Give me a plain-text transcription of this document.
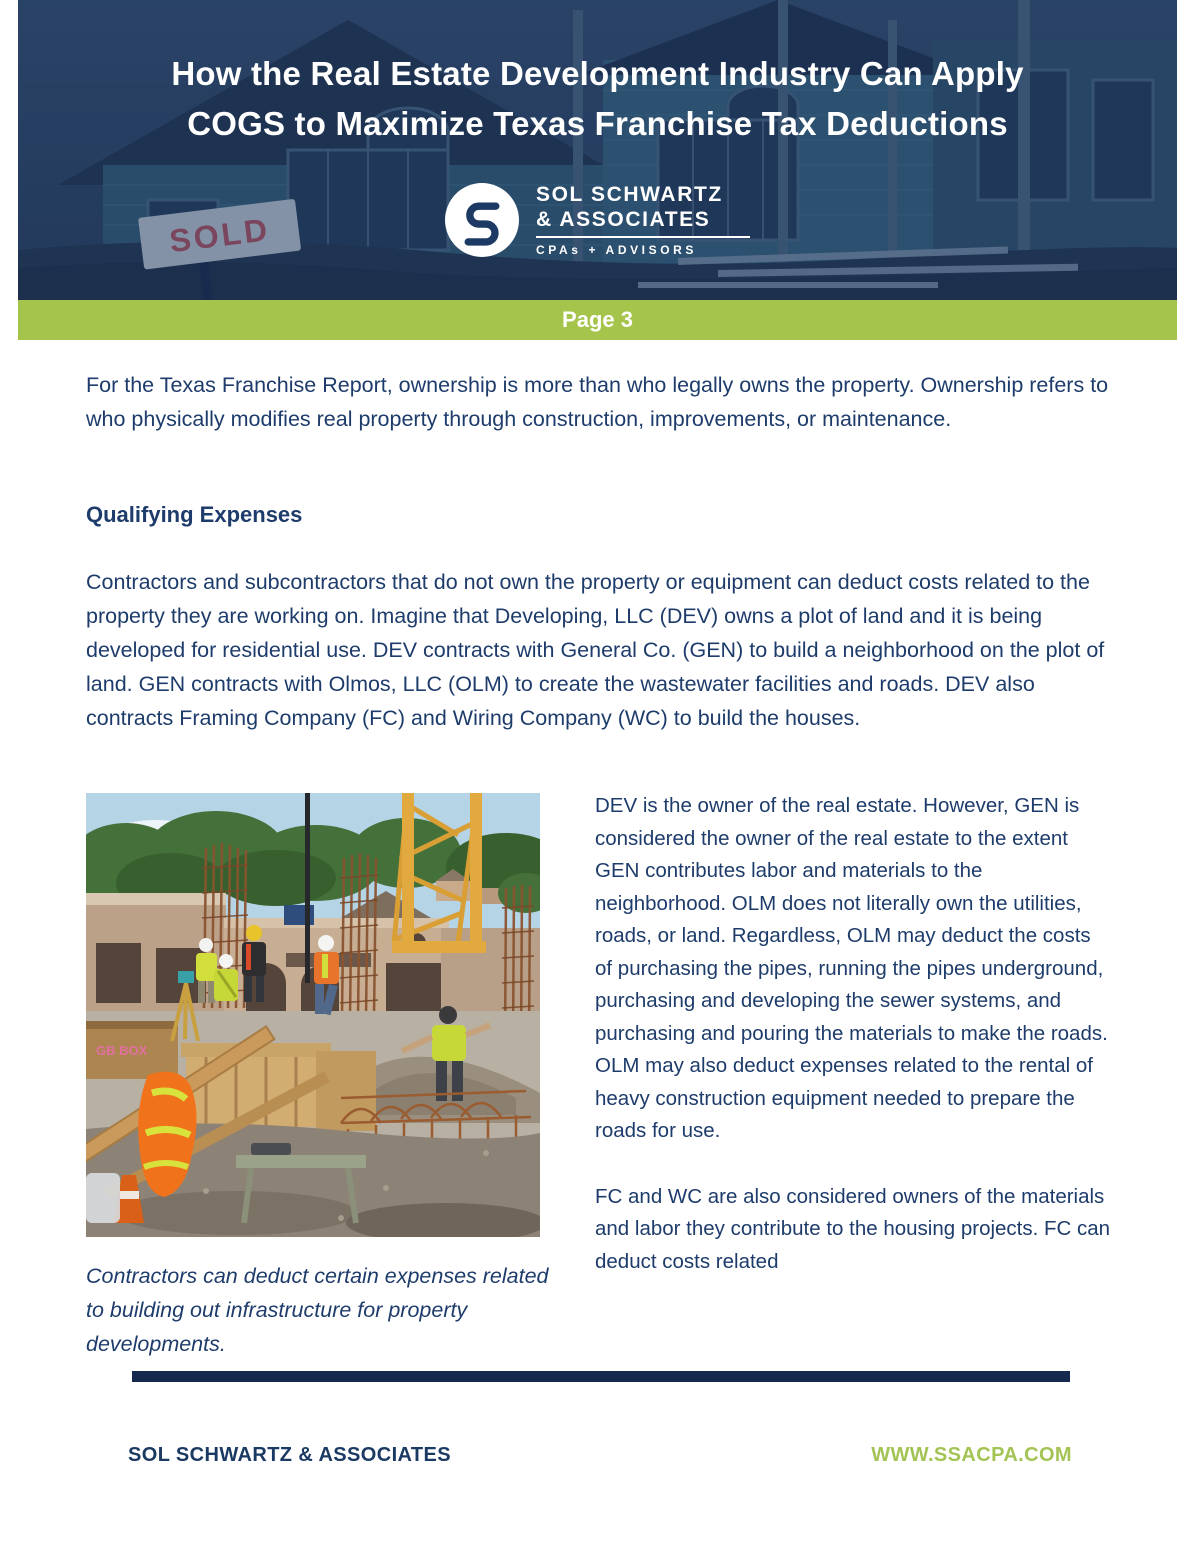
SOLD
How the Real Estate Development Industry Can Apply
COGS to Maximize Texas Franchise Tax Deductions
SOL SCHWARTZ
& ASSOCIATES
CPAs + ADVISORS
Page 3

For the Texas Franchise Report, ownership is more than who legally owns the property. Ownership refers to who physically modifies real property through construction, improvements, or maintenance.

Qualifying Expenses

Contractors and subcontractors that do not own the property or equipment can deduct costs related to the property they are working on. Imagine that Developing, LLC (DEV) owns a plot of land and it is being developed for residential use. DEV contracts with General Co. (GEN) to build a neighborhood on the plot of land. GEN contracts with Olmos, LLC (OLM) to create the wastewater facilities and roads. DEV also contracts Framing Company (FC) and Wiring Company (WC) to build the houses.

GB BOX

DEV is the owner of the real estate. However, GEN is considered the owner of the real estate to the extent GEN contributes labor and materials to the neighborhood. OLM does not literally own the utilities, roads, or land. Regardless, OLM may deduct the costs of purchasing the pipes, running the pipes underground, purchasing and developing the sewer systems, and purchasing and pouring the materials to make the roads. OLM may also deduct expenses related to the rental of heavy construction equipment needed to prepare the roads for use.

FC and WC are also considered owners of the materials and labor they contribute to the housing projects. FC can deduct costs related

Contractors can deduct certain expenses related to building out infrastructure for property developments.

SOL SCHWARTZ & ASSOCIATES	WWW.SSACPA.COM
